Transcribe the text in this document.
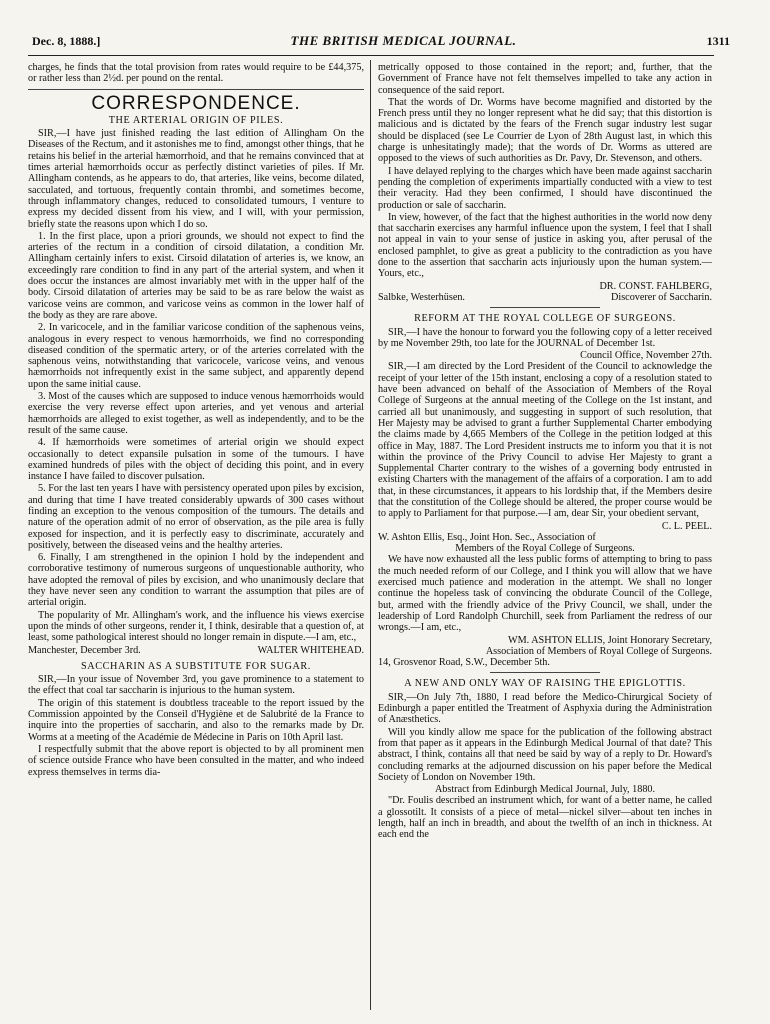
Dec. 8, 1888.]	THE BRITISH MEDICAL JOURNAL.	1311

charges, he finds that the total provision from rates would require to be £44,375, or rather less than 2½d. per pound on the rental.

CORRESPONDENCE.
THE ARTERIAL ORIGIN OF PILES.

SIR,—I have just finished reading the last edition of Allingham On the Diseases of the Rectum, and it astonishes me to find, amongst other things, that he retains his belief in the arterial hæmorrhoid, and that he remains convinced that at times arterial hæmorrhoids occur as perfectly distinct varieties of piles. If Mr. Allingham contends, as he appears to do, that arteries, like veins, become dilated, sacculated, and tortuous, frequently contain thrombi, and sometimes become, through inflammatory changes, reduced to consolidated tumours, I venture to express my decided dissent from his view, and I will, with your permission, briefly state the reasons upon which I do so.

1. In the first place, upon a priori grounds, we should not expect to find the arteries of the rectum in a condition of cirsoid dilatation, a condition Mr. Allingham certainly infers to exist. Cirsoid dilatation of arteries is, we know, an exceedingly rare condition to find in any part of the arterial system, and when it does occur the instances are almost invariably met with in the upper half of the body. Cirsoid dilatation of arteries may be said to be as rare below the waist as varicose veins are common, and varicose veins as common in the lower half of the body as they are rare above.

2. In varicocele, and in the familiar varicose condition of the saphenous veins, analogous in every respect to venous hæmorrhoids, we find no corresponding diseased condition of the spermatic artery, or of the arteries correlated with the saphenous veins, notwithstanding that varicocele, varicose veins, and venous hæmorrhoids not infrequently exist in the same subject, and apparently depend upon the same initial cause.

3. Most of the causes which are supposed to induce venous hæmorrhoids would exercise the very reverse effect upon arteries, and yet venous and arterial hæmorrhoids are alleged to exist together, as well as independently, and to be the result of the same cause.

4. If hæmorrhoids were sometimes of arterial origin we should expect occasionally to detect expansile pulsation in some of the tumours. I have examined hundreds of piles with the object of deciding this point, and in every instance I have failed to discover pulsation.

5. For the last ten years I have with persistency operated upon piles by excision, and during that time I have treated considerably upwards of 300 cases without finding an exception to the venous composition of the tumours. The details and nature of the operation admit of no error of observation, as the pile area is fully exposed for inspection, and it is perfectly easy to discriminate, accurately and positively, between the diseased veins and the healthy arteries.

6. Finally, I am strengthened in the opinion I hold by the independent and corroborative testimony of numerous surgeons of unquestionable authority, who have adopted the removal of piles by excision, and who unanimously declare that they have never seen any condition to warrant the assumption that piles are of arterial origin.

The popularity of Mr. Allingham's work, and the influence his views exercise upon the minds of other surgeons, render it, I think, desirable that a question of, at least, some pathological interest should no longer remain in dispute.—I am, etc.,

Manchester, December 3rd.	WALTER WHITEHEAD.
SACCHARIN AS A SUBSTITUTE FOR SUGAR.

SIR,—In your issue of November 3rd, you gave prominence to a statement to the effect that coal tar saccharin is injurious to the human system.

The origin of this statement is doubtless traceable to the report issued by the Commission appointed by the Conseil d'Hygiène et de Salubrité de la France to inquire into the properties of saccharin, and also to the remarks made by Dr. Worms at a meeting of the Académie de Médecine in Paris on 10th April last.

I respectfully submit that the above report is objected to by all prominent men of science outside France who have been consulted in the matter, and who indeed express themselves in terms dia-

metrically opposed to those contained in the report; and, further, that the Government of France have not felt themselves impelled to take any action in consequence of the said report.

That the words of Dr. Worms have become magnified and distorted by the French press until they no longer represent what he did say; that this distortion is malicious and is dictated by the fears of the French sugar industry lest sugar should be displaced (see Le Courrier de Lyon of 28th August last, in which this charge is unhesitatingly made); that the words of Dr. Worms as uttered are opposed to the views of such authorities as Dr. Pavy, Dr. Stevenson, and others.

I have delayed replying to the charges which have been made against saccharin pending the completion of experiments impartially conducted with a view to test their veracity. Had they been confirmed, I should have discontinued the production or sale of saccharin.

In view, however, of the fact that the highest authorities in the world now deny that saccharin exercises any harmful influence upon the system, I feel that I shall not appeal in vain to your sense of justice in asking you, after perusal of the enclosed pamphlet, to give as great a publicity to the contradiction as you have done to the assertion that saccharin acts injuriously upon the human system.—Yours, etc.,

DR. CONST. FAHLBERG,
Salbke, Westerhüsen.	Discoverer of Saccharin.
REFORM AT THE ROYAL COLLEGE OF SURGEONS.

SIR,—I have the honour to forward you the following copy of a letter received by me November 29th, too late for the JOURNAL of December 1st.

Council Office, November 27th.

SIR,—I am directed by the Lord President of the Council to acknowledge the receipt of your letter of the 15th instant, enclosing a copy of a resolution stated to have been advanced on behalf of the Association of Members of the Royal College of Surgeons at the annual meeting of the College on the 1st instant, and carried all but unanimously, and suggesting in support of such resolution, that Her Majesty may be advised to grant a further Supplemental Charter embodying the claims made by 4,665 Members of the College in the petition lodged at this office in May, 1887. The Lord President instructs me to inform you that it is not within the province of the Privy Council to advise Her Majesty to grant a Supplemental Charter contrary to the wishes of a governing body entrusted in existing Charters with the management of the affairs of a corporation. I am to add that, in these circumstances, it appears to his lordship that, if the Members desire that the constitution of the College should be altered, the proper course would be to apply to Parliament for that purpose.—I am, dear Sir, your obedient servant,

C. L. PEEL.
W. Ashton Ellis, Esq., Joint Hon. Sec., Association of
Members of the Royal College of Surgeons.

We have now exhausted all the less public forms of attempting to bring to pass the much needed reform of our College, and I think you will allow that we have exercised much patience and moderation in the attempt. We shall no longer continue the hopeless task of convincing the obdurate Council of the College, but, armed with the friendly advice of the Privy Council, we shall, under the leadership of Lord Randolph Churchill, seek from Parliament the redress of our wrongs.—I am, etc.,

WM. ASHTON ELLIS, Joint Honorary Secretary,
Association of Members of Royal College of Surgeons.
14, Grosvenor Road, S.W., December 5th.
A NEW AND ONLY WAY OF RAISING THE EPIGLOTTIS.

SIR,—On July 7th, 1880, I read before the Medico-Chirurgical Society of Edinburgh a paper entitled the Treatment of Asphyxia during the Administration of Anæsthetics.

Will you kindly allow me space for the publication of the following abstract from that paper as it appears in the Edinburgh Medical Journal of that date? This abstract, I think, contains all that need be said by way of a reply to Dr. Howard's concluding remarks at the adjourned discussion on his paper before the Medical Society of London on November 19th.

Abstract from Edinburgh Medical Journal, July, 1880.

"Dr. Foulis described an instrument which, for want of a better name, he called a glossotilt. It consists of a piece of metal—nickel silver—about ten inches in length, half an inch in breadth, and about the twelfth of an inch in thickness. At each end the
